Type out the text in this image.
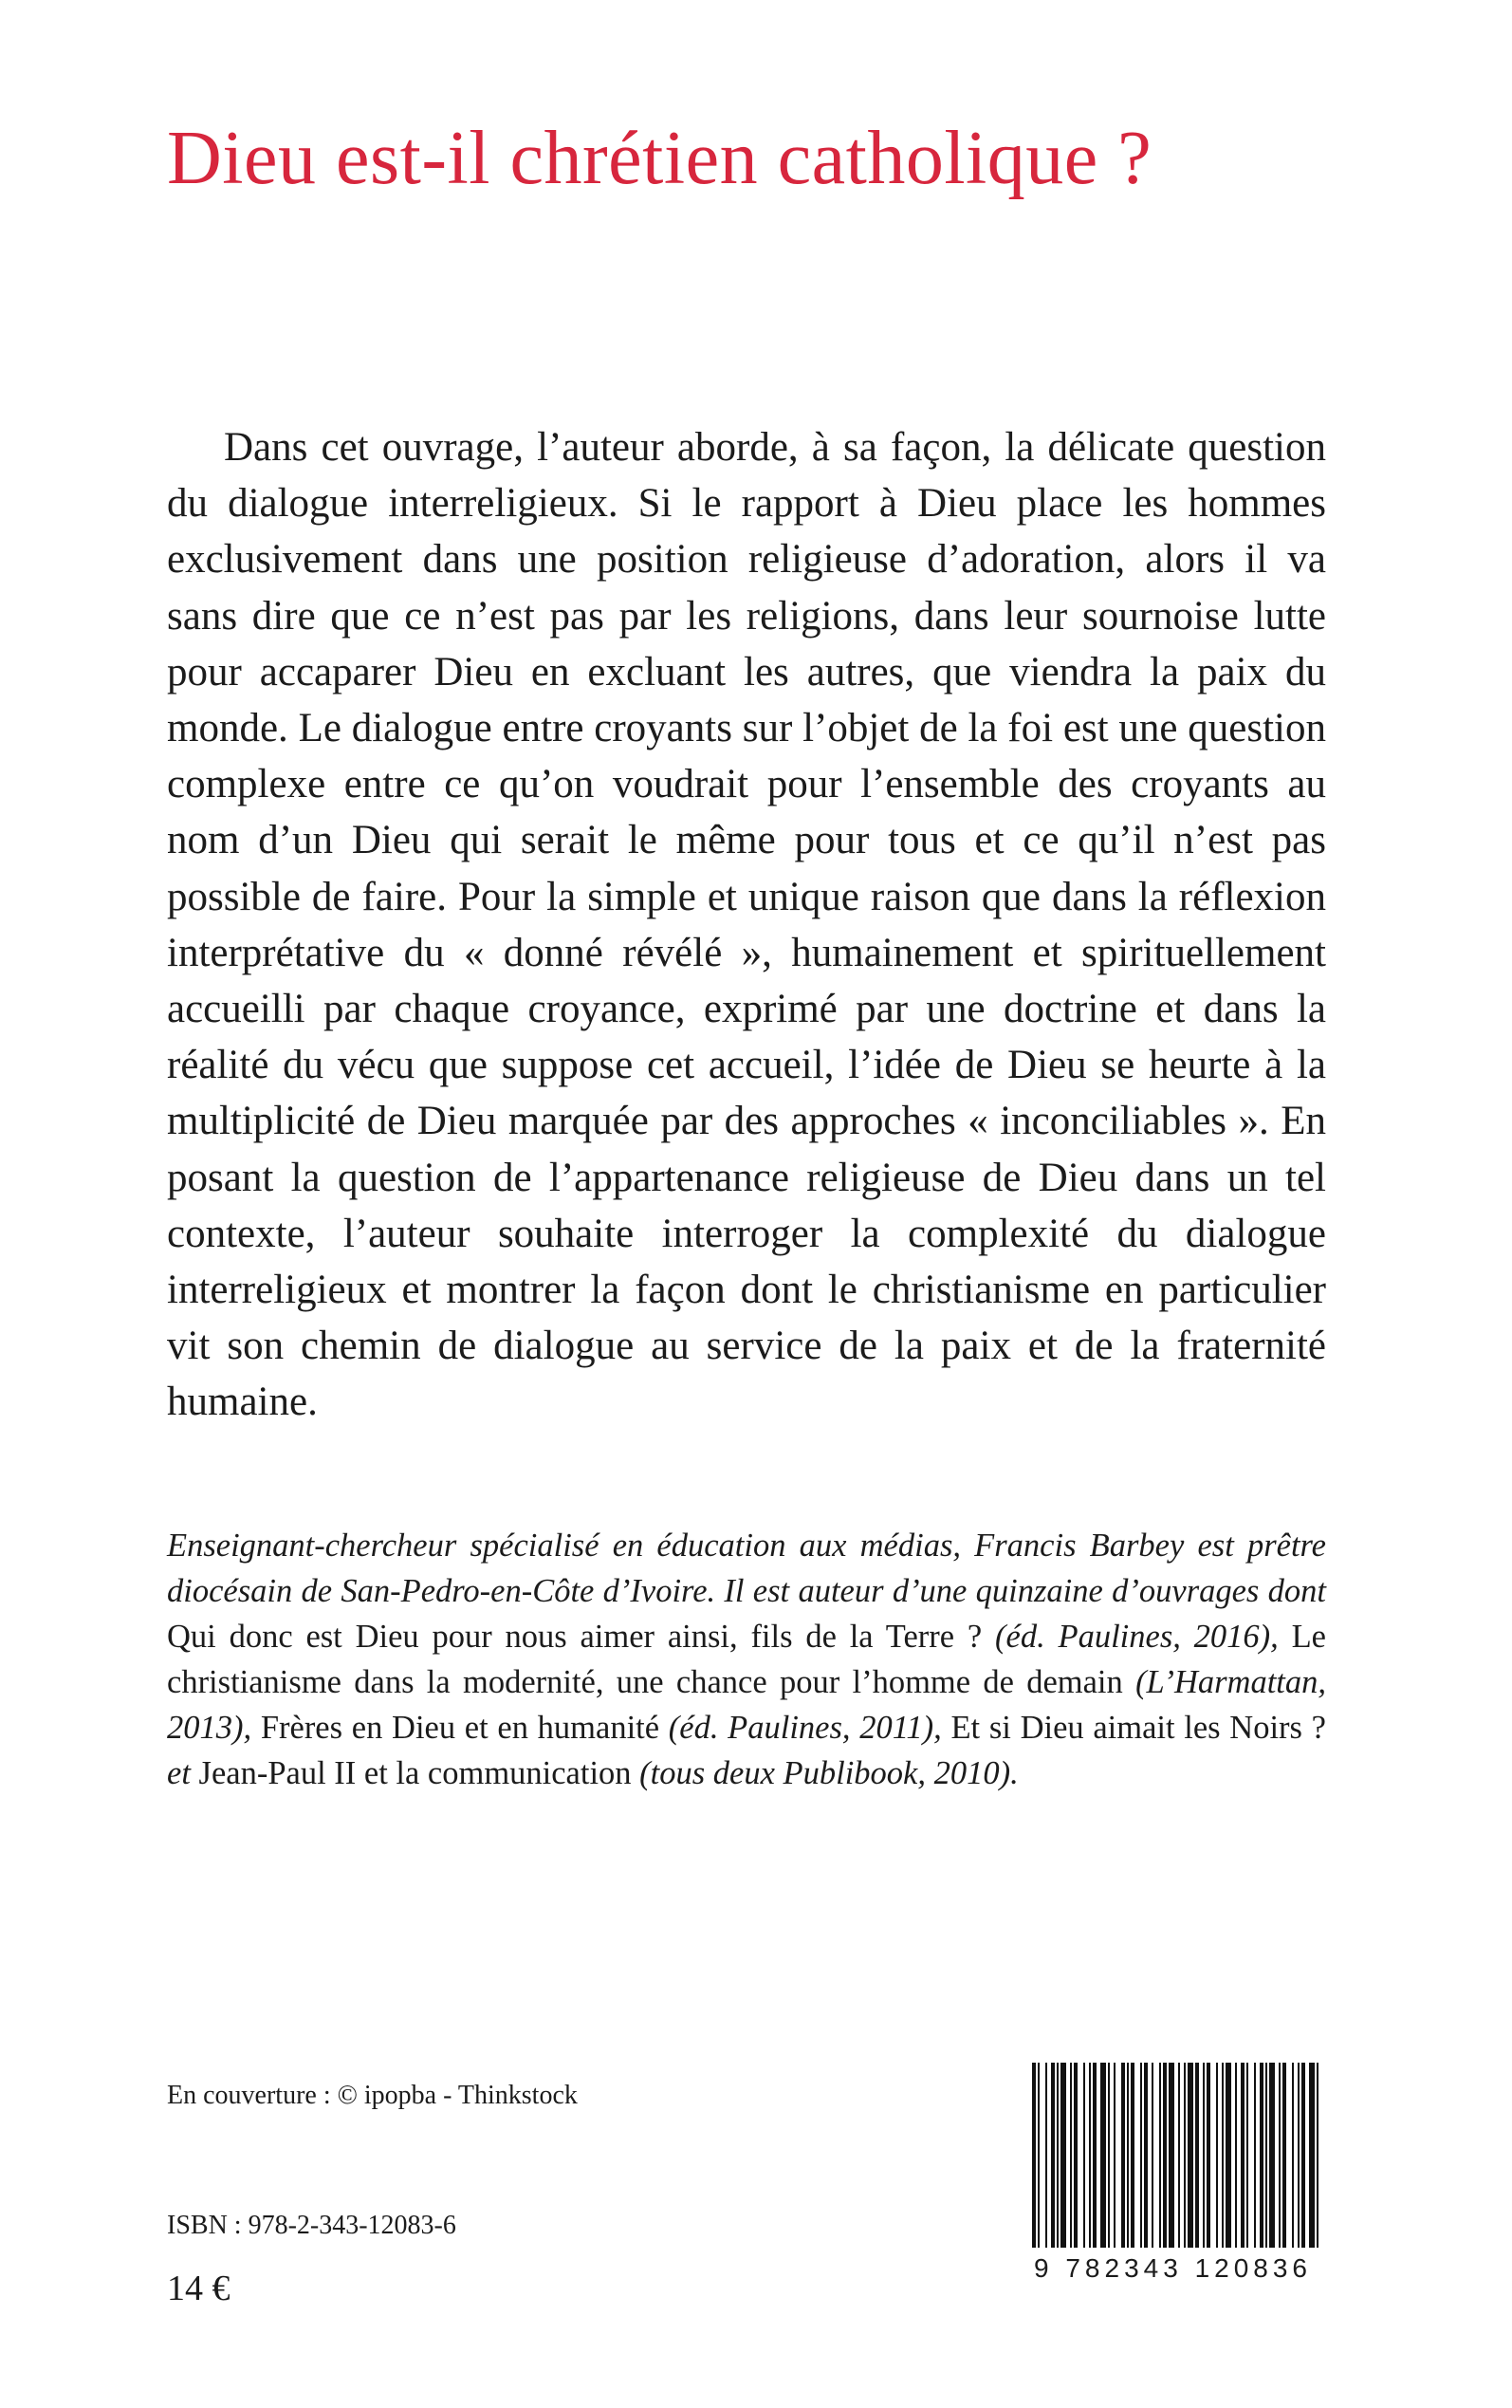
Dieu est-il chrétien catholique ?

Dans cet ouvrage, l’auteur aborde, à sa façon, la délicate question du dialogue interreligieux. Si le rapport à Dieu place les hommes exclusivement dans une position religieuse d’adoration, alors il va sans dire que ce n’est pas par les religions, dans leur sournoise lutte pour accaparer Dieu en excluant les autres, que viendra la paix du monde. Le dialogue entre croyants sur l’objet de la foi est une question complexe entre ce qu’on voudrait pour l’ensemble des croyants au nom d’un Dieu qui serait le même pour tous et ce qu’il n’est pas possible de faire. Pour la simple et unique raison que dans la réflexion interprétative du « donné révélé », humainement et spirituellement accueilli par chaque croyance, exprimé par une doctrine et dans la réalité du vécu que suppose cet accueil, l’idée de Dieu se heurte à la multiplicité de Dieu marquée par des approches « inconciliables ». En posant la question de l’appartenance religieuse de Dieu dans un tel contexte, l’auteur souhaite interroger la complexité du dialogue interreligieux et montrer la façon dont le christianisme en particulier vit son chemin de dialogue au service de la paix et de la fraternité humaine.

Enseignant-chercheur spécialisé en éducation aux médias, Francis Barbey est prêtre diocésain de San-Pedro-en-Côte d’Ivoire. Il est auteur d’une quinzaine d’ouvrages dont Qui donc est Dieu pour nous aimer ainsi, fils de la Terre ? (éd. Paulines, 2016), Le christianisme dans la modernité, une chance pour l’homme de demain (L’Harmattan, 2013), Frères en Dieu et en humanité (éd. Paulines, 2011), Et si Dieu aimait les Noirs ? et Jean-Paul II et la communication (tous deux Publibook, 2010).

En couverture : © ipopba - Thinkstock

ISBN : 978-2-343-12083-6

14 €

9 782343 120836
